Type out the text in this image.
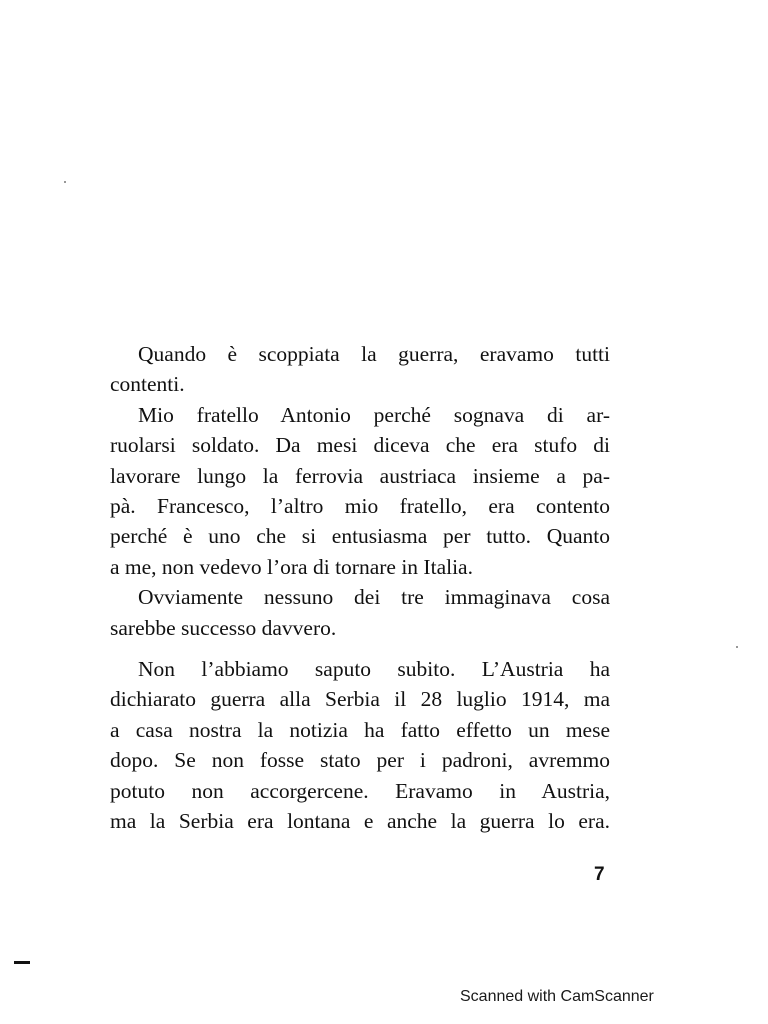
Quando è scoppiata la guerra, eravamo tutti
contenti.

Mio fratello Antonio perché sognava di ar-
ruolarsi soldato. Da mesi diceva che era stufo di
lavorare lungo la ferrovia austriaca insieme a pa-
pà. Francesco, l’altro mio fratello, era contento
perché è uno che si entusiasma per tutto. Quanto
a me, non vedevo l’ora di tornare in Italia.

Ovviamente nessuno dei tre immaginava cosa
sarebbe successo davvero.

Non l’abbiamo saputo subito. L’Austria ha
dichiarato guerra alla Serbia il 28 luglio 1914, ma
a casa nostra la notizia ha fatto effetto un mese
dopo. Se non fosse stato per i padroni, avremmo
potuto non accorgercene. Eravamo in Austria,
ma la Serbia era lontana e anche la guerra lo era.

7
Scanned with CamScanner
